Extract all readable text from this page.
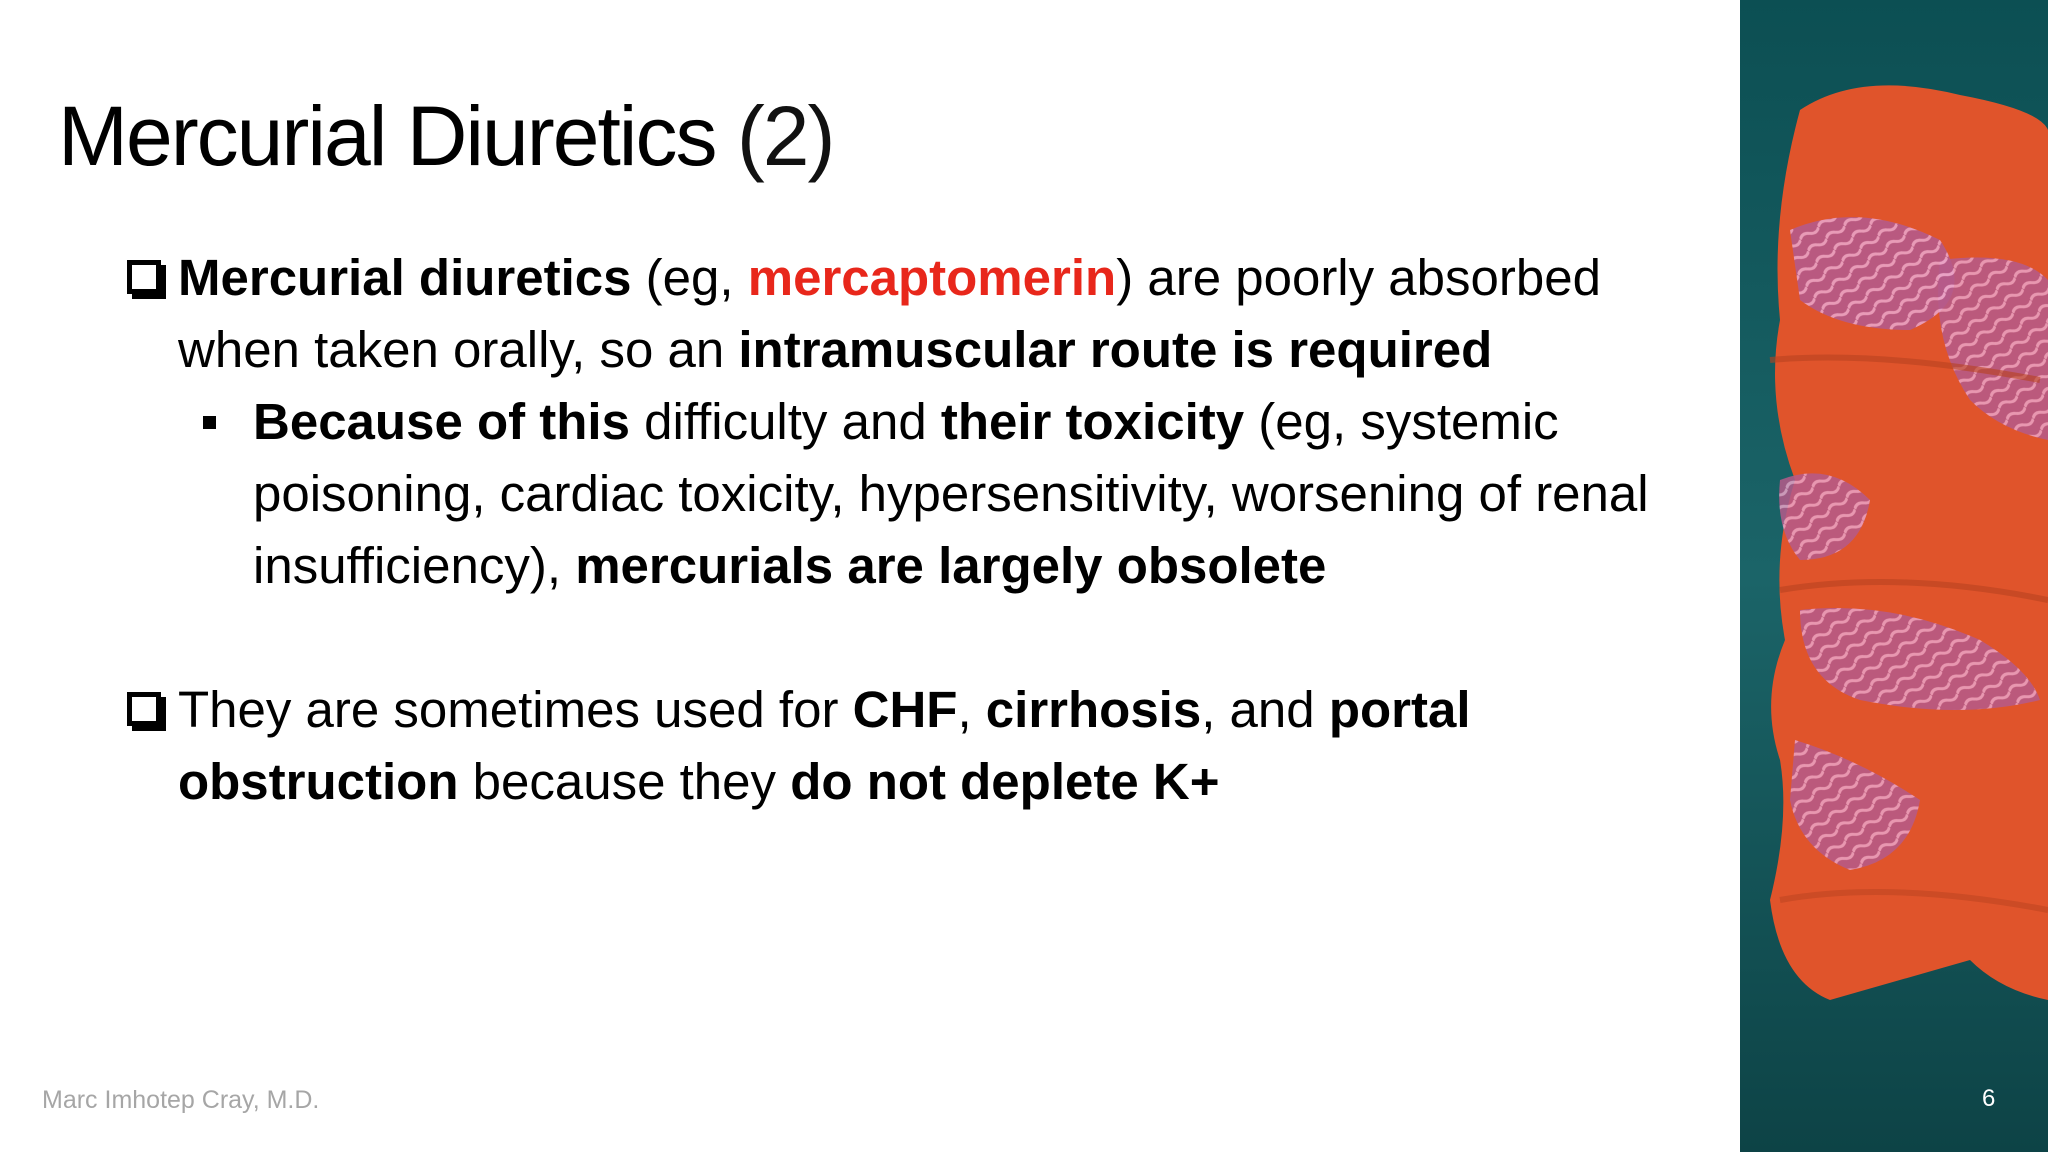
Mercurial Diuretics (2)

Mercurial diuretics (eg, mercaptomerin) are poorly absorbed when taken orally, so an intramuscular route is required

Because of this difficulty and their toxicity (eg, systemic poisoning, cardiac toxicity, hypersensitivity, worsening of renal insufficiency), mercurials are largely obsolete

They are sometimes used for CHF, cirrhosis, and portal obstruction because they do not deplete K+

Marc Imhotep Cray, M.D.	6
